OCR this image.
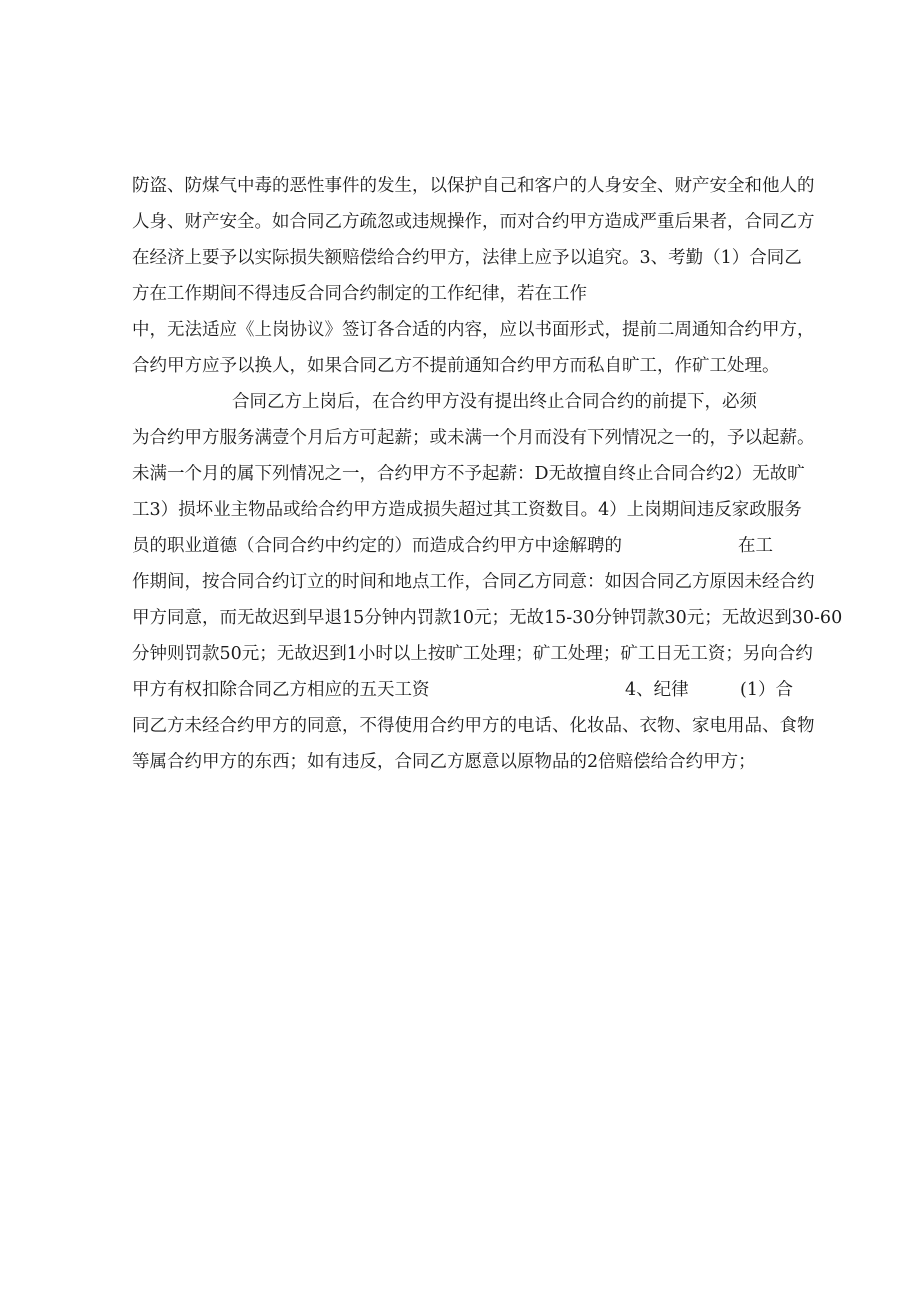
防盗、防煤气中毒的恶性事件的发生，以保护自己和客户的人身安全、财产安全和他人的
人身、财产安全。如合同乙方疏忽或违规操作，而对合约甲方造成严重后果者，合同乙方
在经济上要予以实际损失额赔偿给合约甲方，法律上应予以追究。3、考勤（1）合同乙
方在工作期间不得违反合同合约制定的工作纪律，若在工作
中，无法适应《上岗协议》签订各合适的内容，应以书面形式，提前二周通知合约甲方，
合约甲方应予以换人，如果合同乙方不提前通知合约甲方而私自旷工，作矿工处理。
合同乙方上岗后，在合约甲方没有提出终止合同合约的前提下，必须
为合约甲方服务满壹个月后方可起薪；或未满一个月而没有下列情况之一的，予以起薪。
未满一个月的属下列情况之一，合约甲方不予起薪：D无故擅自终止合同合约2）无故旷
工3）损坏业主物品或给合约甲方造成损失超过其工资数目。4）上岗期间违反家政服务
员的职业道德（合同合约中约定的）而造成合约甲方中途解聘的	在工
作期间，按合同合约订立的时间和地点工作，合同乙方同意：如因合同乙方原因未经合约
甲方同意，而无故迟到早退15分钟内罚款10元；无故15-30分钟罚款30元；无故迟到30-60
分钟则罚款50元；无故迟到1小时以上按旷工处理；矿工处理；矿工日无工资；另向合约
甲方有权扣除合同乙方相应的五天工资	4、纪律	(1）合
同乙方未经合约甲方的同意，不得使用合约甲方的电话、化妆品、衣物、家电用品、食物
等属合约甲方的东西；如有违反，合同乙方愿意以原物品的2倍赔偿给合约甲方；
